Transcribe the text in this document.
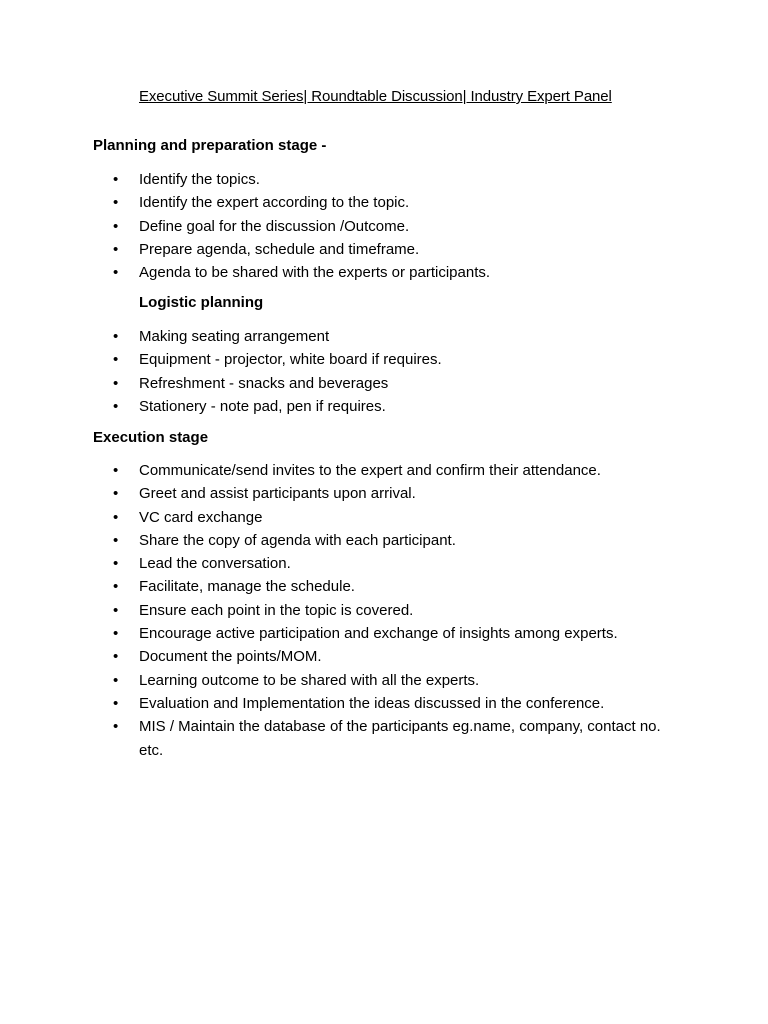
Executive Summit Series| Roundtable Discussion| Industry Expert Panel
Planning and preparation stage -
• Identify the topics.
• Identify the expert according to the topic.
• Define goal for the discussion /Outcome.
• Prepare agenda, schedule and timeframe.
• Agenda to be shared with the experts or participants.
Logistic planning
• Making seating arrangement
• Equipment - projector, white board if requires.
• Refreshment - snacks and beverages
• Stationery - note pad, pen if requires.
Execution stage
• Communicate/send invites to the expert and confirm their attendance.
• Greet and assist participants upon arrival.
• VC card exchange
• Share the copy of agenda with each participant.
• Lead the conversation.
• Facilitate, manage the schedule.
• Ensure each point in the topic is covered.
• Encourage active participation and exchange of insights among experts.
• Document the points/MOM.
• Learning outcome to be shared with all the experts.
• Evaluation and Implementation the ideas discussed in the conference.
• MIS / Maintain the database of the participants eg.name, company, contact no. etc.
